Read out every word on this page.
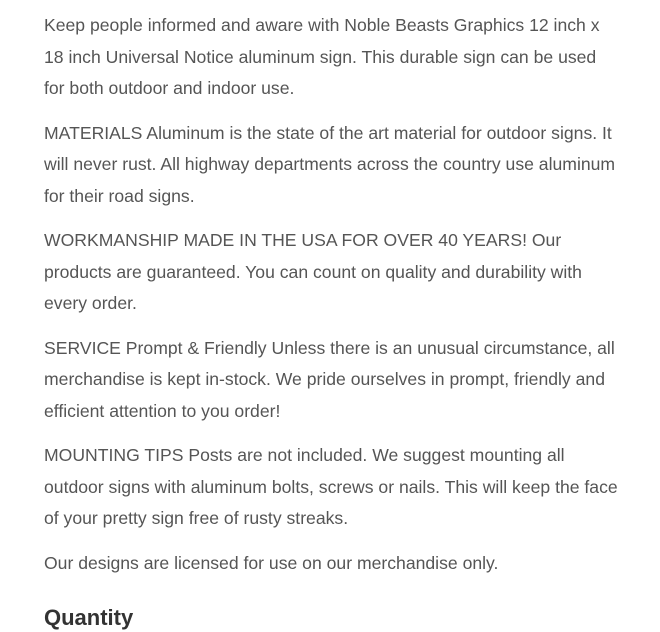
Keep people informed and aware with Noble Beasts Graphics 12 inch x 18 inch Universal Notice aluminum sign. This durable sign can be used for both outdoor and indoor use.

MATERIALS Aluminum is the state of the art material for outdoor signs. It will never rust. All highway departments across the country use aluminum for their road signs.

WORKMANSHIP MADE IN THE USA FOR OVER 40 YEARS! Our products are guaranteed. You can count on quality and durability with every order.

SERVICE Prompt & Friendly Unless there is an unusual circumstance, all merchandise is kept in-stock. We pride ourselves in prompt, friendly and efficient attention to you order!

MOUNTING TIPS Posts are not included. We suggest mounting all outdoor signs with aluminum bolts, screws or nails. This will keep the face of your pretty sign free of rusty streaks.

Our designs are licensed for use on our merchandise only.

Quantity
